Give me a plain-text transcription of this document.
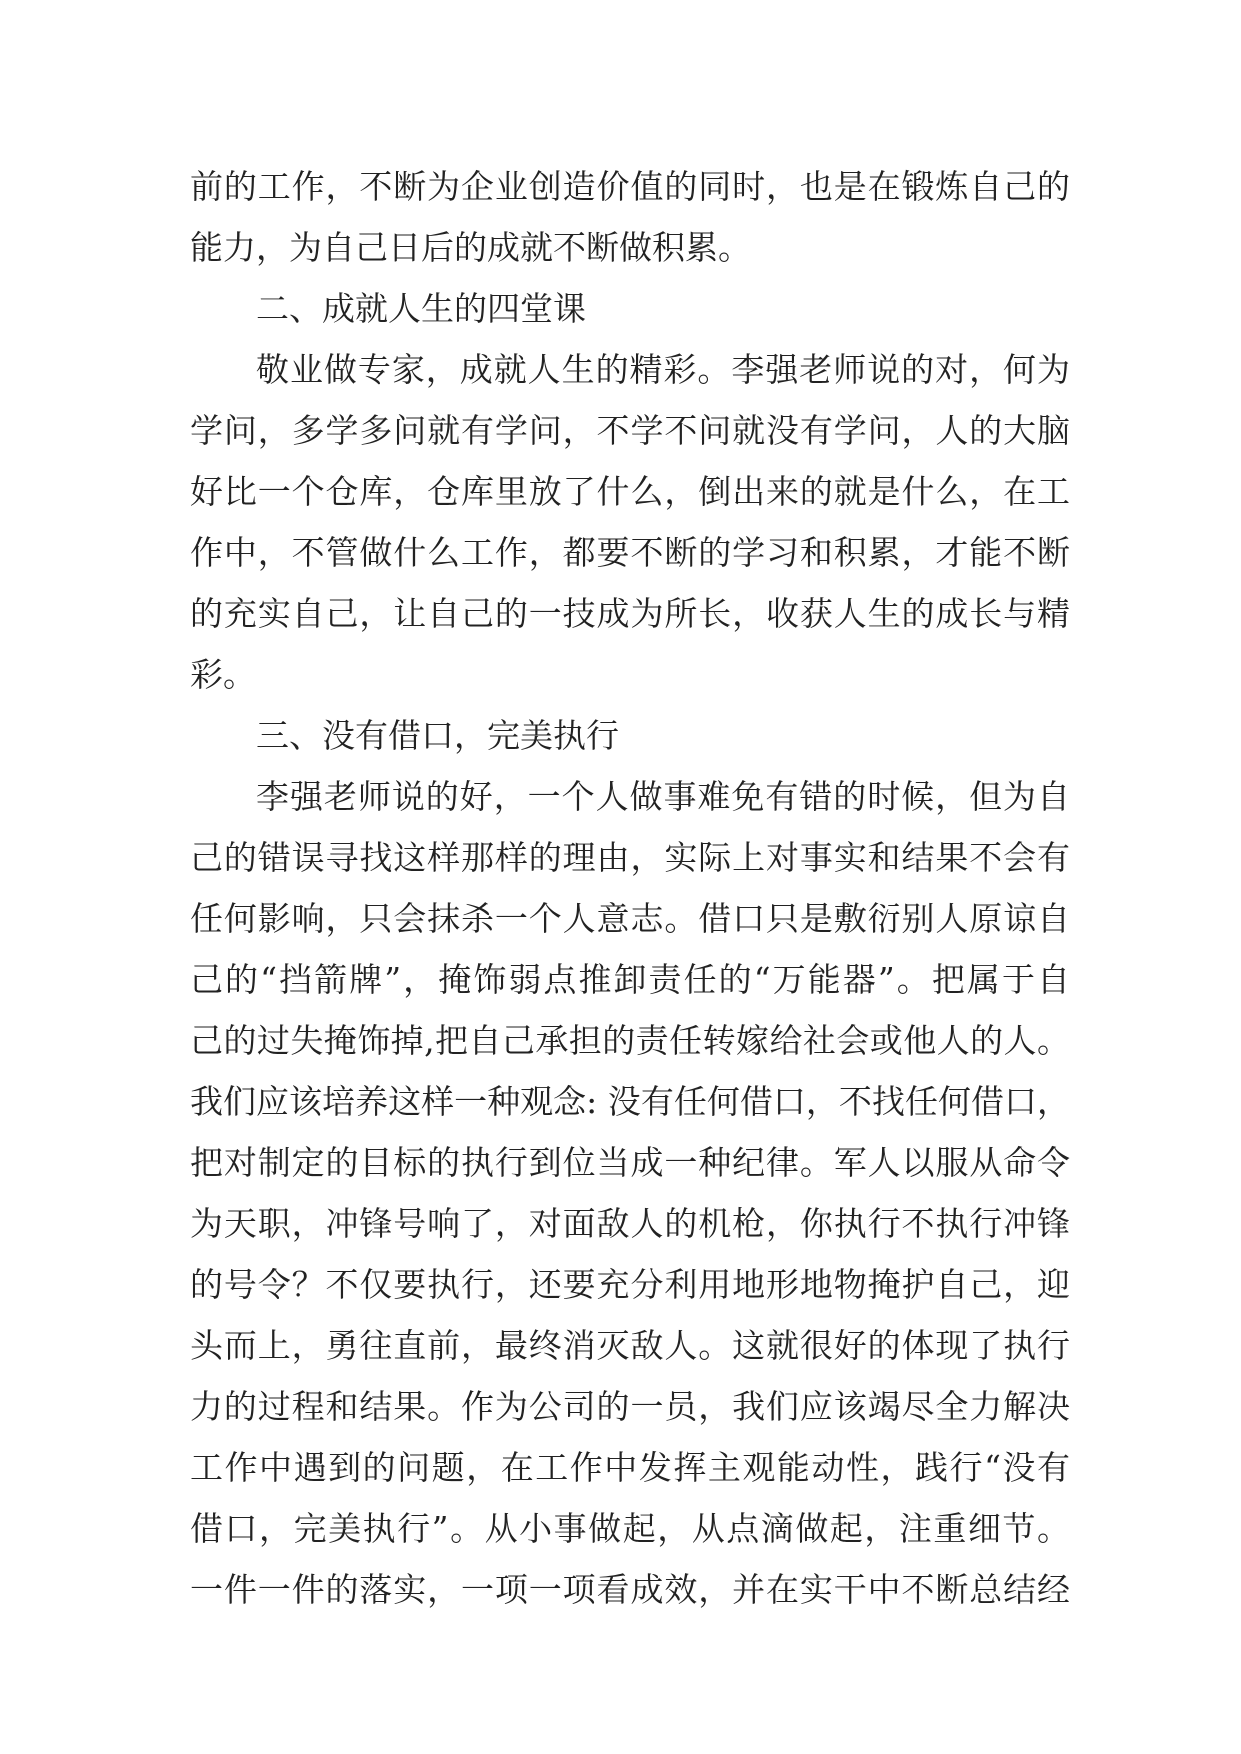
前的工作，不断为企业创造价值的同时，也是在锻炼自己的
能力，为自己日后的成就不断做积累。
二、成就人生的四堂课
敬业做专家，成就人生的精彩。李强老师说的对，何为
学问，多学多问就有学问，不学不问就没有学问，人的大脑
好比一个仓库，仓库里放了什么，倒出来的就是什么，在工
作中，不管做什么工作，都要不断的学习和积累，才能不断
的充实自己，让自己的一技成为所长，收获人生的成长与精
彩。
三、没有借口，完美执行
李强老师说的好，一个人做事难免有错的时候，但为自
己的错误寻找这样那样的理由，实际上对事实和结果不会有
任何影响，只会抹杀一个人意志。借口只是敷衍别人原谅自
己的“挡箭牌”，掩饰弱点推卸责任的“万能器”。把属于自
己的过失掩饰掉,把自己承担的责任转嫁给社会或他人的人。
我们应该培养这样一种观念: 没有任何借口，不找任何借口，
把对制定的目标的执行到位当成一种纪律。军人以服从命令
为天职，冲锋号响了，对面敌人的机枪，你执行不执行冲锋
的号令？不仅要执行，还要充分利用地形地物掩护自己，迎
头而上，勇往直前，最终消灭敌人。这就很好的体现了执行
力的过程和结果。作为公司的一员，我们应该竭尽全力解决
工作中遇到的问题，在工作中发挥主观能动性，践行“没有
借口，完美执行”。从小事做起，从点滴做起，注重细节。
一件一件的落实，一项一项看成效，并在实干中不断总结经
